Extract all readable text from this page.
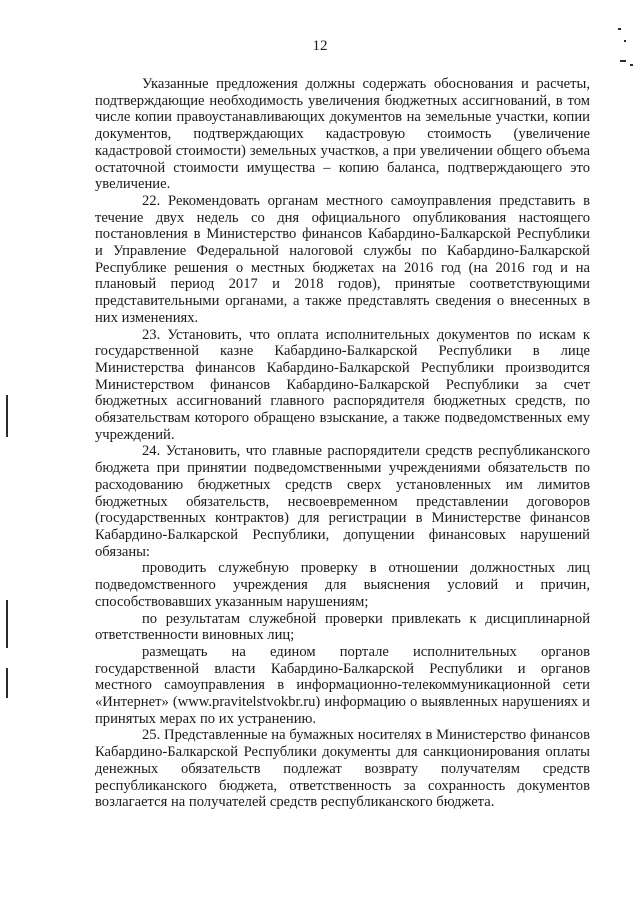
12

Указанные предложения должны содержать обоснования и расчеты, подтверждающие необходимость увеличения бюджетных ассигнований, в том числе копии правоустанавливающих документов на земельные участки, копии документов, подтверждающих кадастровую стоимость (увеличение кадастровой стоимости) земельных участков, а при увеличении общего объема остаточной стоимости имущества – копию баланса, подтверждающего это увеличение.

22. Рекомендовать органам местного самоуправления представить в течение двух недель со дня официального опубликования настоящего постановления в Министерство финансов Кабардино-Балкарской Республики и Управление Федеральной налоговой службы по Кабардино-Балкарской Республике решения о местных бюджетах на 2016 год (на 2016 год и на плановый период 2017 и 2018 годов), принятые соответствующими представительными органами, а также представлять сведения о внесенных в них изменениях.

23. Установить, что оплата исполнительных документов по искам к государственной казне Кабардино-Балкарской Республики в лице Министерства финансов Кабардино-Балкарской Республики производится Министерством финансов Кабардино-Балкарской Республики за счет бюджетных ассигнований главного распорядителя бюджетных средств, по обязательствам которого обращено взыскание, а также подведомственных ему учреждений.

24. Установить, что главные распорядители средств республиканского бюджета при принятии подведомственными учреждениями обязательств по расходованию бюджетных средств сверх установленных им лимитов бюджетных обязательств, несвоевременном представлении договоров (государственных контрактов) для регистрации в Министерстве финансов Кабардино-Балкарской Республики, допущении финансовых нарушений обязаны:

проводить служебную проверку в отношении должностных лиц подведомственного учреждения для выяснения условий и причин, способствовавших указанным нарушениям;

по результатам служебной проверки привлекать к дисциплинарной ответственности виновных лиц;

размещать на едином портале исполнительных органов государственной власти Кабардино-Балкарской Республики и органов местного самоуправления в информационно-телекоммуникационной сети «Интернет» (www.pravitelstvokbr.ru) информацию о выявленных нарушениях и принятых мерах по их устранению.

25. Представленные на бумажных носителях в Министерство финансов Кабардино-Балкарской Республики документы для санкционирования оплаты денежных обязательств подлежат возврату получателям средств республиканского бюджета, ответственность за сохранность документов возлагается на получателей средств республиканского бюджета.
